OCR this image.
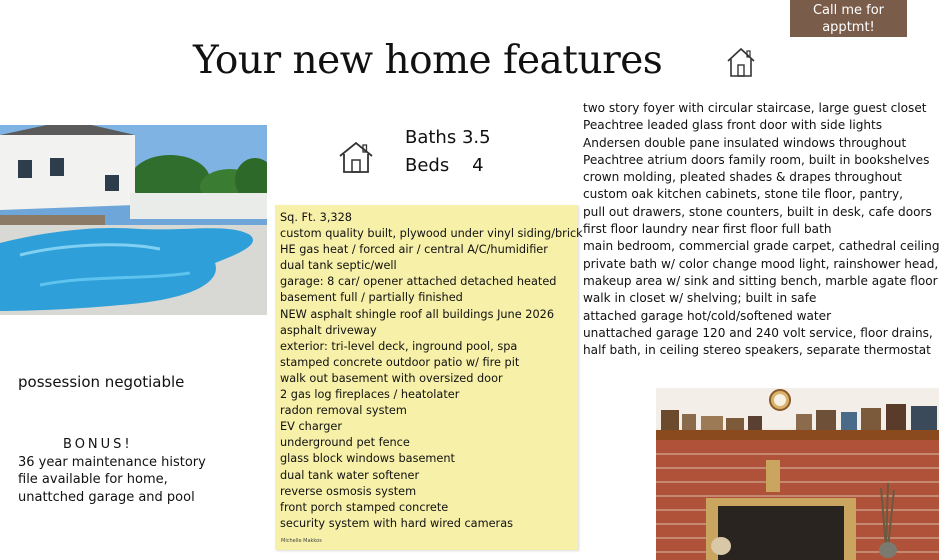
Call me for
apptmt!
Your new home features
Baths 3.5
Beds    4
Sq. Ft. 3,328
custom quality built, plywood under vinyl siding/brick
HE gas heat / forced air / central A/C/humidifier
dual tank septic/well
garage: 8 car/ opener attached detached heated
basement full / partially finished
NEW asphalt shingle roof all buildings June 2026
asphalt driveway
exterior: tri-level deck, inground pool, spa
stamped concrete outdoor patio w/ fire pit
walk out basement with oversized door
2 gas log fireplaces / heatolater
radon removal system
EV charger
underground pet fence
glass block windows basement
dual tank water softener
reverse osmosis system
front porch stamped concrete
security system with hard wired cameras
Michelle Makkos
two story foyer with circular staircase, large guest closet
Peachtree leaded glass front door with side lights
Andersen double pane insulated windows throughout
Peachtree atrium doors family room, built in bookshelves
crown molding, pleated shades & drapes throughout
custom oak kitchen cabinets, stone tile floor, pantry,
pull out drawers, stone counters, built in desk, cafe doors
first floor laundry near first floor full bath
main bedroom, commercial grade carpet, cathedral ceiling
private bath w/ color change mood light, rainshower head,
makeup area w/ sink and sitting bench, marble agate floor
walk in closet w/ shelving; built in safe
attached garage hot/cold/softened water
unattached garage 120 and 240 volt service, floor drains,
half bath, in ceiling stereo speakers, separate thermostat
possession negotiable
BONUS!
36 year maintenance history
file available for home,
unattched garage and pool
